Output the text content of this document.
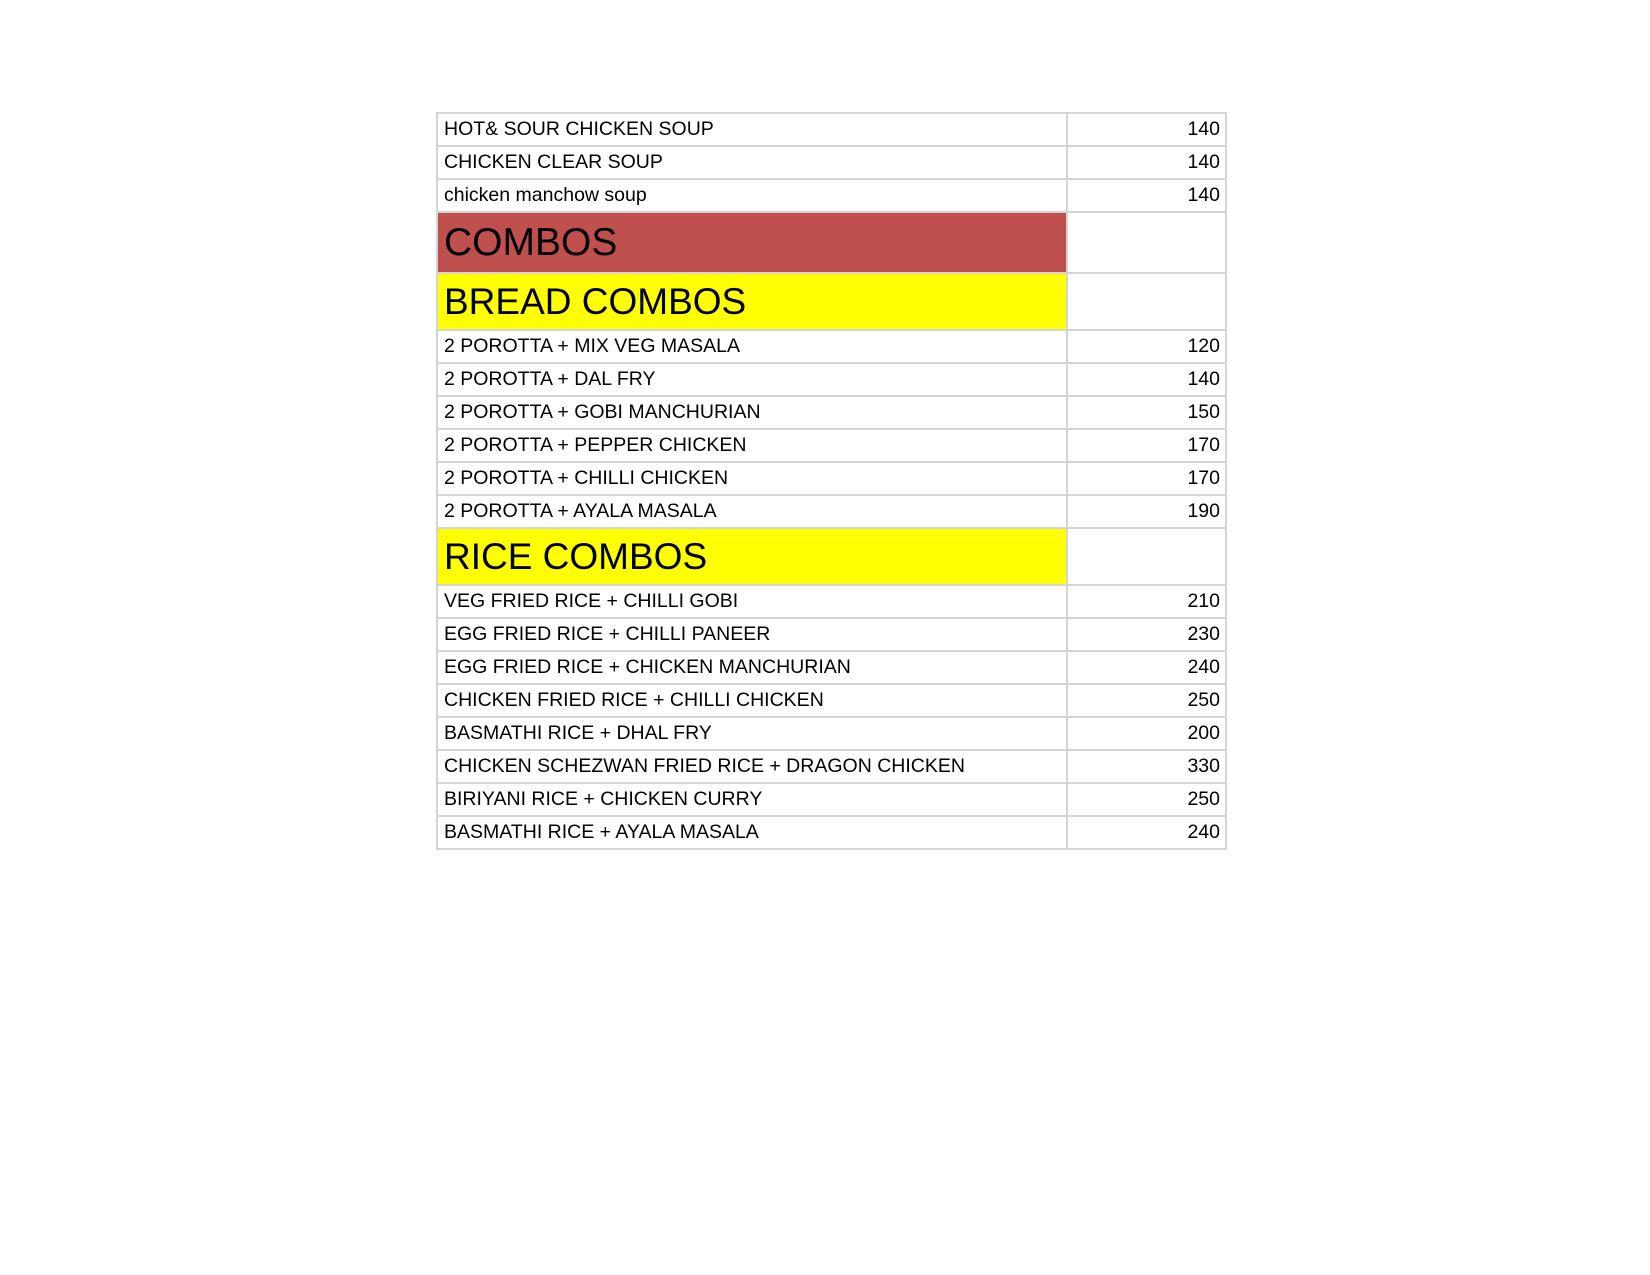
HOT& SOUR CHICKEN SOUP	140
CHICKEN CLEAR SOUP	140
chicken manchow soup	140
COMBOS	
BREAD COMBOS	
2 POROTTA + MIX VEG MASALA	120
2 POROTTA + DAL FRY	140
2 POROTTA + GOBI MANCHURIAN	150
2 POROTTA + PEPPER CHICKEN	170
2 POROTTA + CHILLI CHICKEN	170
2 POROTTA + AYALA MASALA	190
RICE COMBOS	
VEG FRIED RICE + CHILLI GOBI	210
EGG FRIED RICE + CHILLI PANEER	230
EGG FRIED RICE + CHICKEN MANCHURIAN	240
CHICKEN FRIED RICE + CHILLI CHICKEN	250
BASMATHI RICE + DHAL FRY	200
CHICKEN SCHEZWAN FRIED RICE + DRAGON CHICKEN	330
BIRIYANI RICE + CHICKEN CURRY	250
BASMATHI RICE + AYALA MASALA	240
